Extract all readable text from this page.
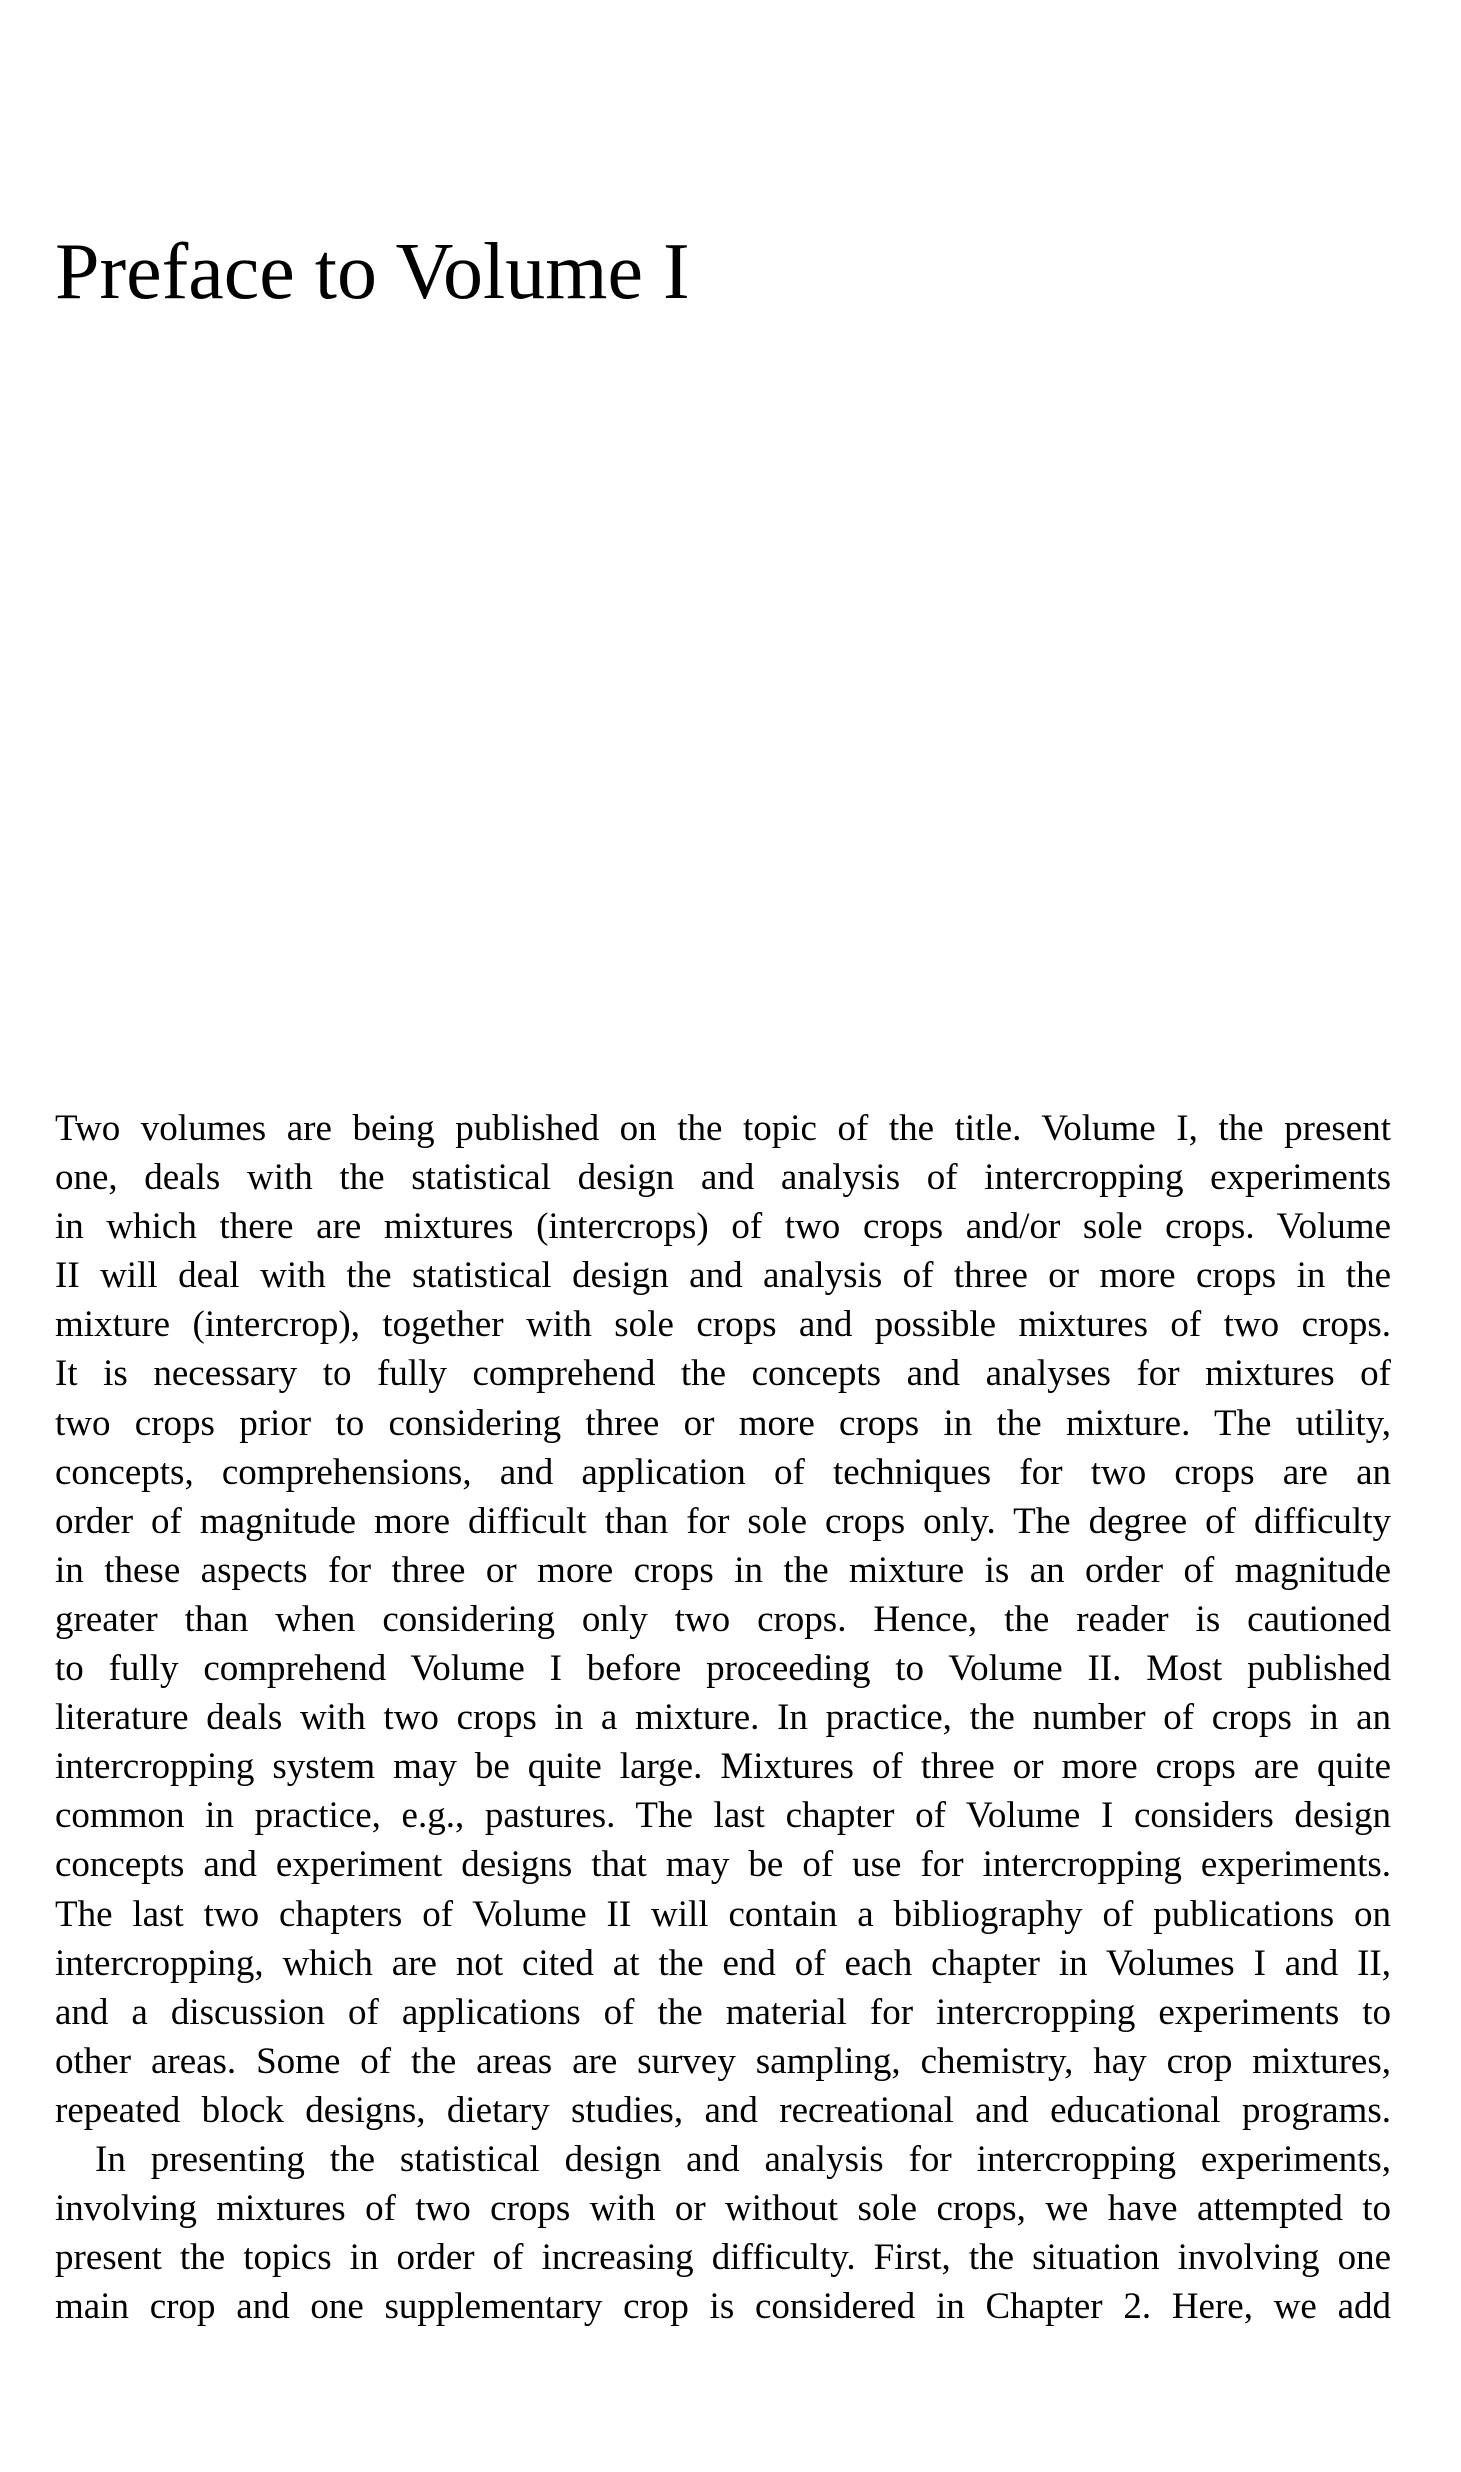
Preface to Volume I
Two volumes are being published on the topic of the title. Volume I, the present
one, deals with the statistical design and analysis of intercropping experiments
in which there are mixtures (intercrops) of two crops and/or sole crops. Volume
II will deal with the statistical design and analysis of three or more crops in the
mixture (intercrop), together with sole crops and possible mixtures of two crops.
It is necessary to fully comprehend the concepts and analyses for mixtures of
two crops prior to considering three or more crops in the mixture. The utility,
concepts, comprehensions, and application of techniques for two crops are an
order of magnitude more difficult than for sole crops only. The degree of difficulty
in these aspects for three or more crops in the mixture is an order of magnitude
greater than when considering only two crops. Hence, the reader is cautioned
to fully comprehend Volume I before proceeding to Volume II. Most published
literature deals with two crops in a mixture. In practice, the number of crops in an
intercropping system may be quite large. Mixtures of three or more crops are quite
common in practice, e.g., pastures. The last chapter of Volume I considers design
concepts and experiment designs that may be of use for intercropping experiments.
The last two chapters of Volume II will contain a bibliography of publications on
intercropping, which are not cited at the end of each chapter in Volumes I and II,
and a discussion of applications of the material for intercropping experiments to
other areas. Some of the areas are survey sampling, chemistry, hay crop mixtures,
repeated block designs, dietary studies, and recreational and educational programs.
In presenting the statistical design and analysis for intercropping experiments,
involving mixtures of two crops with or without sole crops, we have attempted to
present the topics in order of increasing difficulty. First, the situation involving one
main crop and one supplementary crop is considered in Chapter 2. Here, we add
